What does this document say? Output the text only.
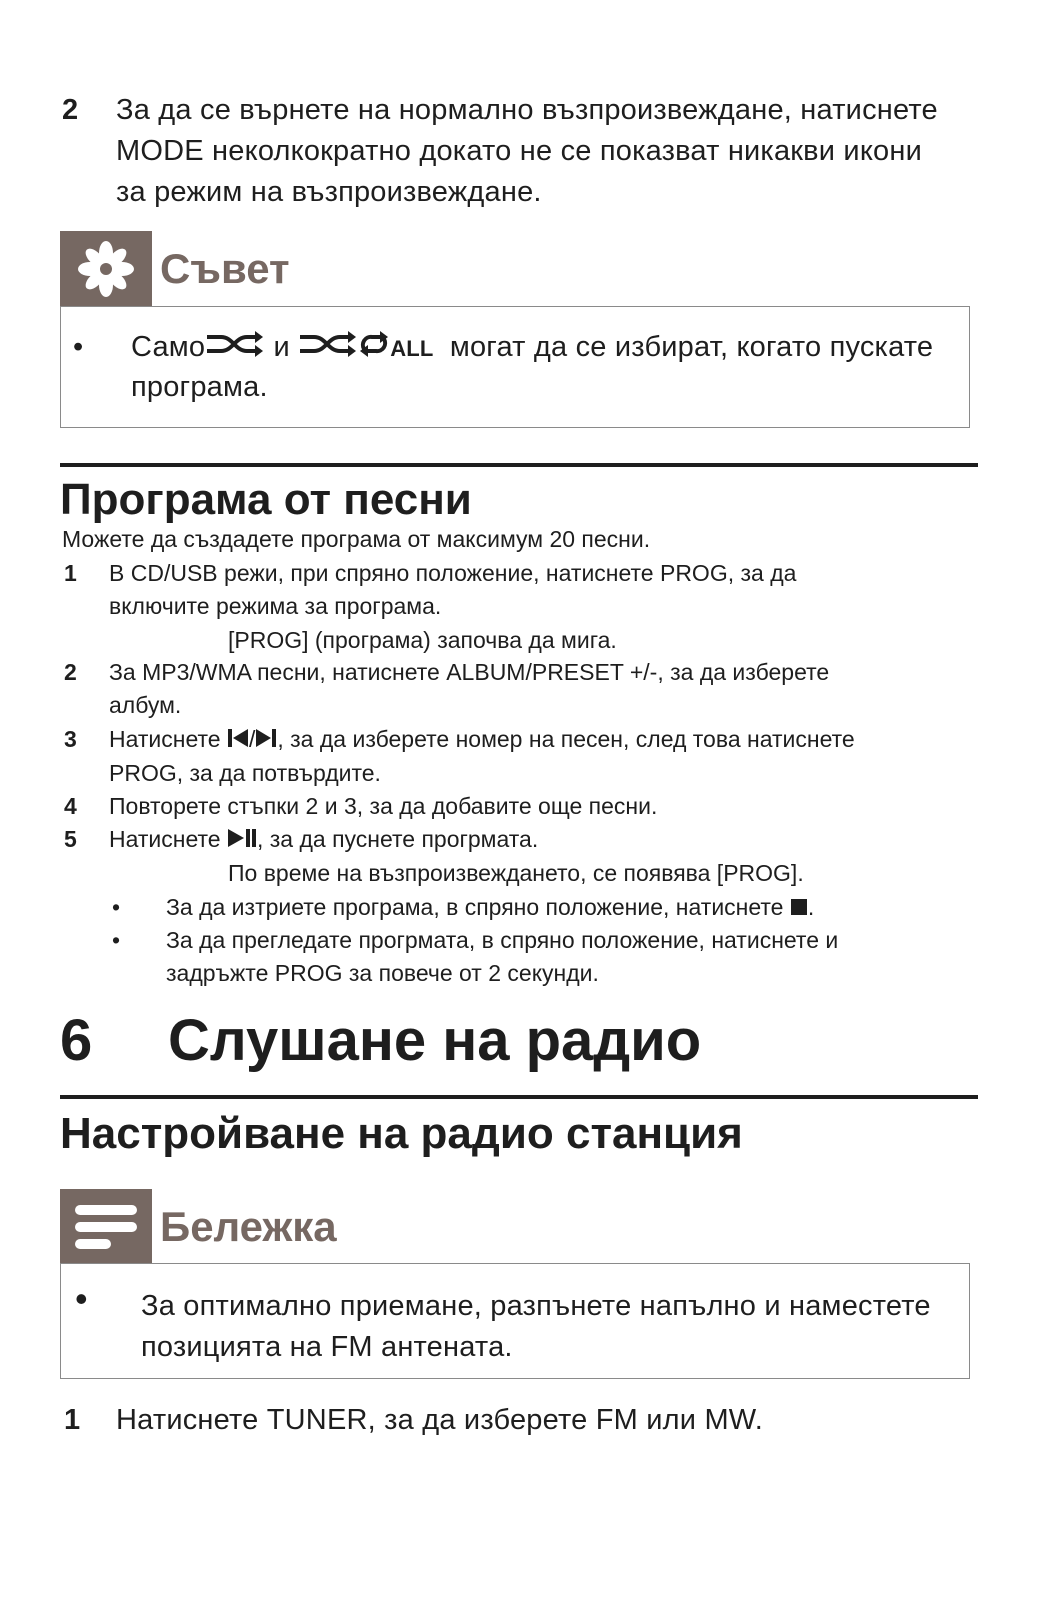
2 За да се върнете на нормално възпроизвеждане, натиснете
MODE неколкократно докато не се показват никакви икони
за режим на възпроизвеждане.
Съвет
• Само и	ALL могат да се избират, когато пускате
програма.
Програма от песни
Можете да създадете програма от максимум 20 песни.
1 В CD/USB режи, при спряно положение, натиснете PROG, за да
включите режима за програма.
[PROG] (програма) започва да мига.
2 За MP3/WMA песни, натиснете ALBUM/PRESET +/-, за да изберете
албум.
3 Натиснете / , за да изберете номер на песен, след това натиснете
PROG, за да потвърдите.
4 Повторете стъпки 2 и 3, за да добавите още песни.
5 Натиснете , за да пуснете прогрмата.
По време на възпроизвеждането, се появява [PROG].
• За да изтриете програма, в спряно положение, натиснете .
• За да прегледате прогрмата, в спряно положение, натиснете и
задръжте PROG за повече от 2 секунди.
6 Слушане на радио
Настройване на радио станция
Бележка
• За оптимално приемане, разпънете напълно и наместете
позицията на FM антената.
1 Натиснете TUNER, за да изберете FM или MW.
